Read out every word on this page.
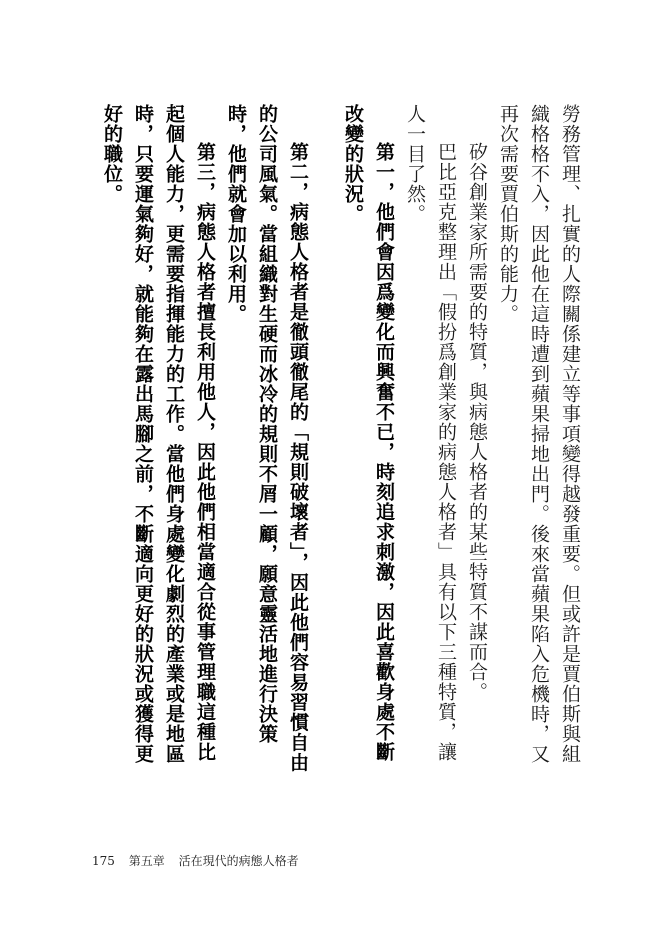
勞務管理、扎實的人際關係建立等事項變得越發重要。但或許是賈伯斯與組織格格不入，因此他在這時遭到蘋果掃地出門。後來當蘋果陷入危機時，又再次需要賈伯斯的能力。

矽谷創業家所需要的特質，與病態人格者的某些特質不謀而合。

巴比亞克整理出「假扮爲創業家的病態人格者」具有以下三種特質，讓人一目了然。

第一，他們會因爲變化而興奮不已，時刻追求刺激，因此喜歡身處不斷改變的狀況。

第二，病態人格者是徹頭徹尾的「規則破壞者」，因此他們容易習慣自由的公司風氣。當組織對生硬而冰冷的規則不屑一顧，願意靈活地進行決策時，他們就會加以利用。

第三，病態人格者擅長利用他人，因此他們相當適合從事管理職這種比起個人能力，更需要指揮能力的工作。當他們身處變化劇烈的產業或是地區時，只要運氣夠好，就能夠在露出馬腳之前，不斷適向更好的狀況或獲得更好的職位。

175 第五章 活在現代的病態人格者
